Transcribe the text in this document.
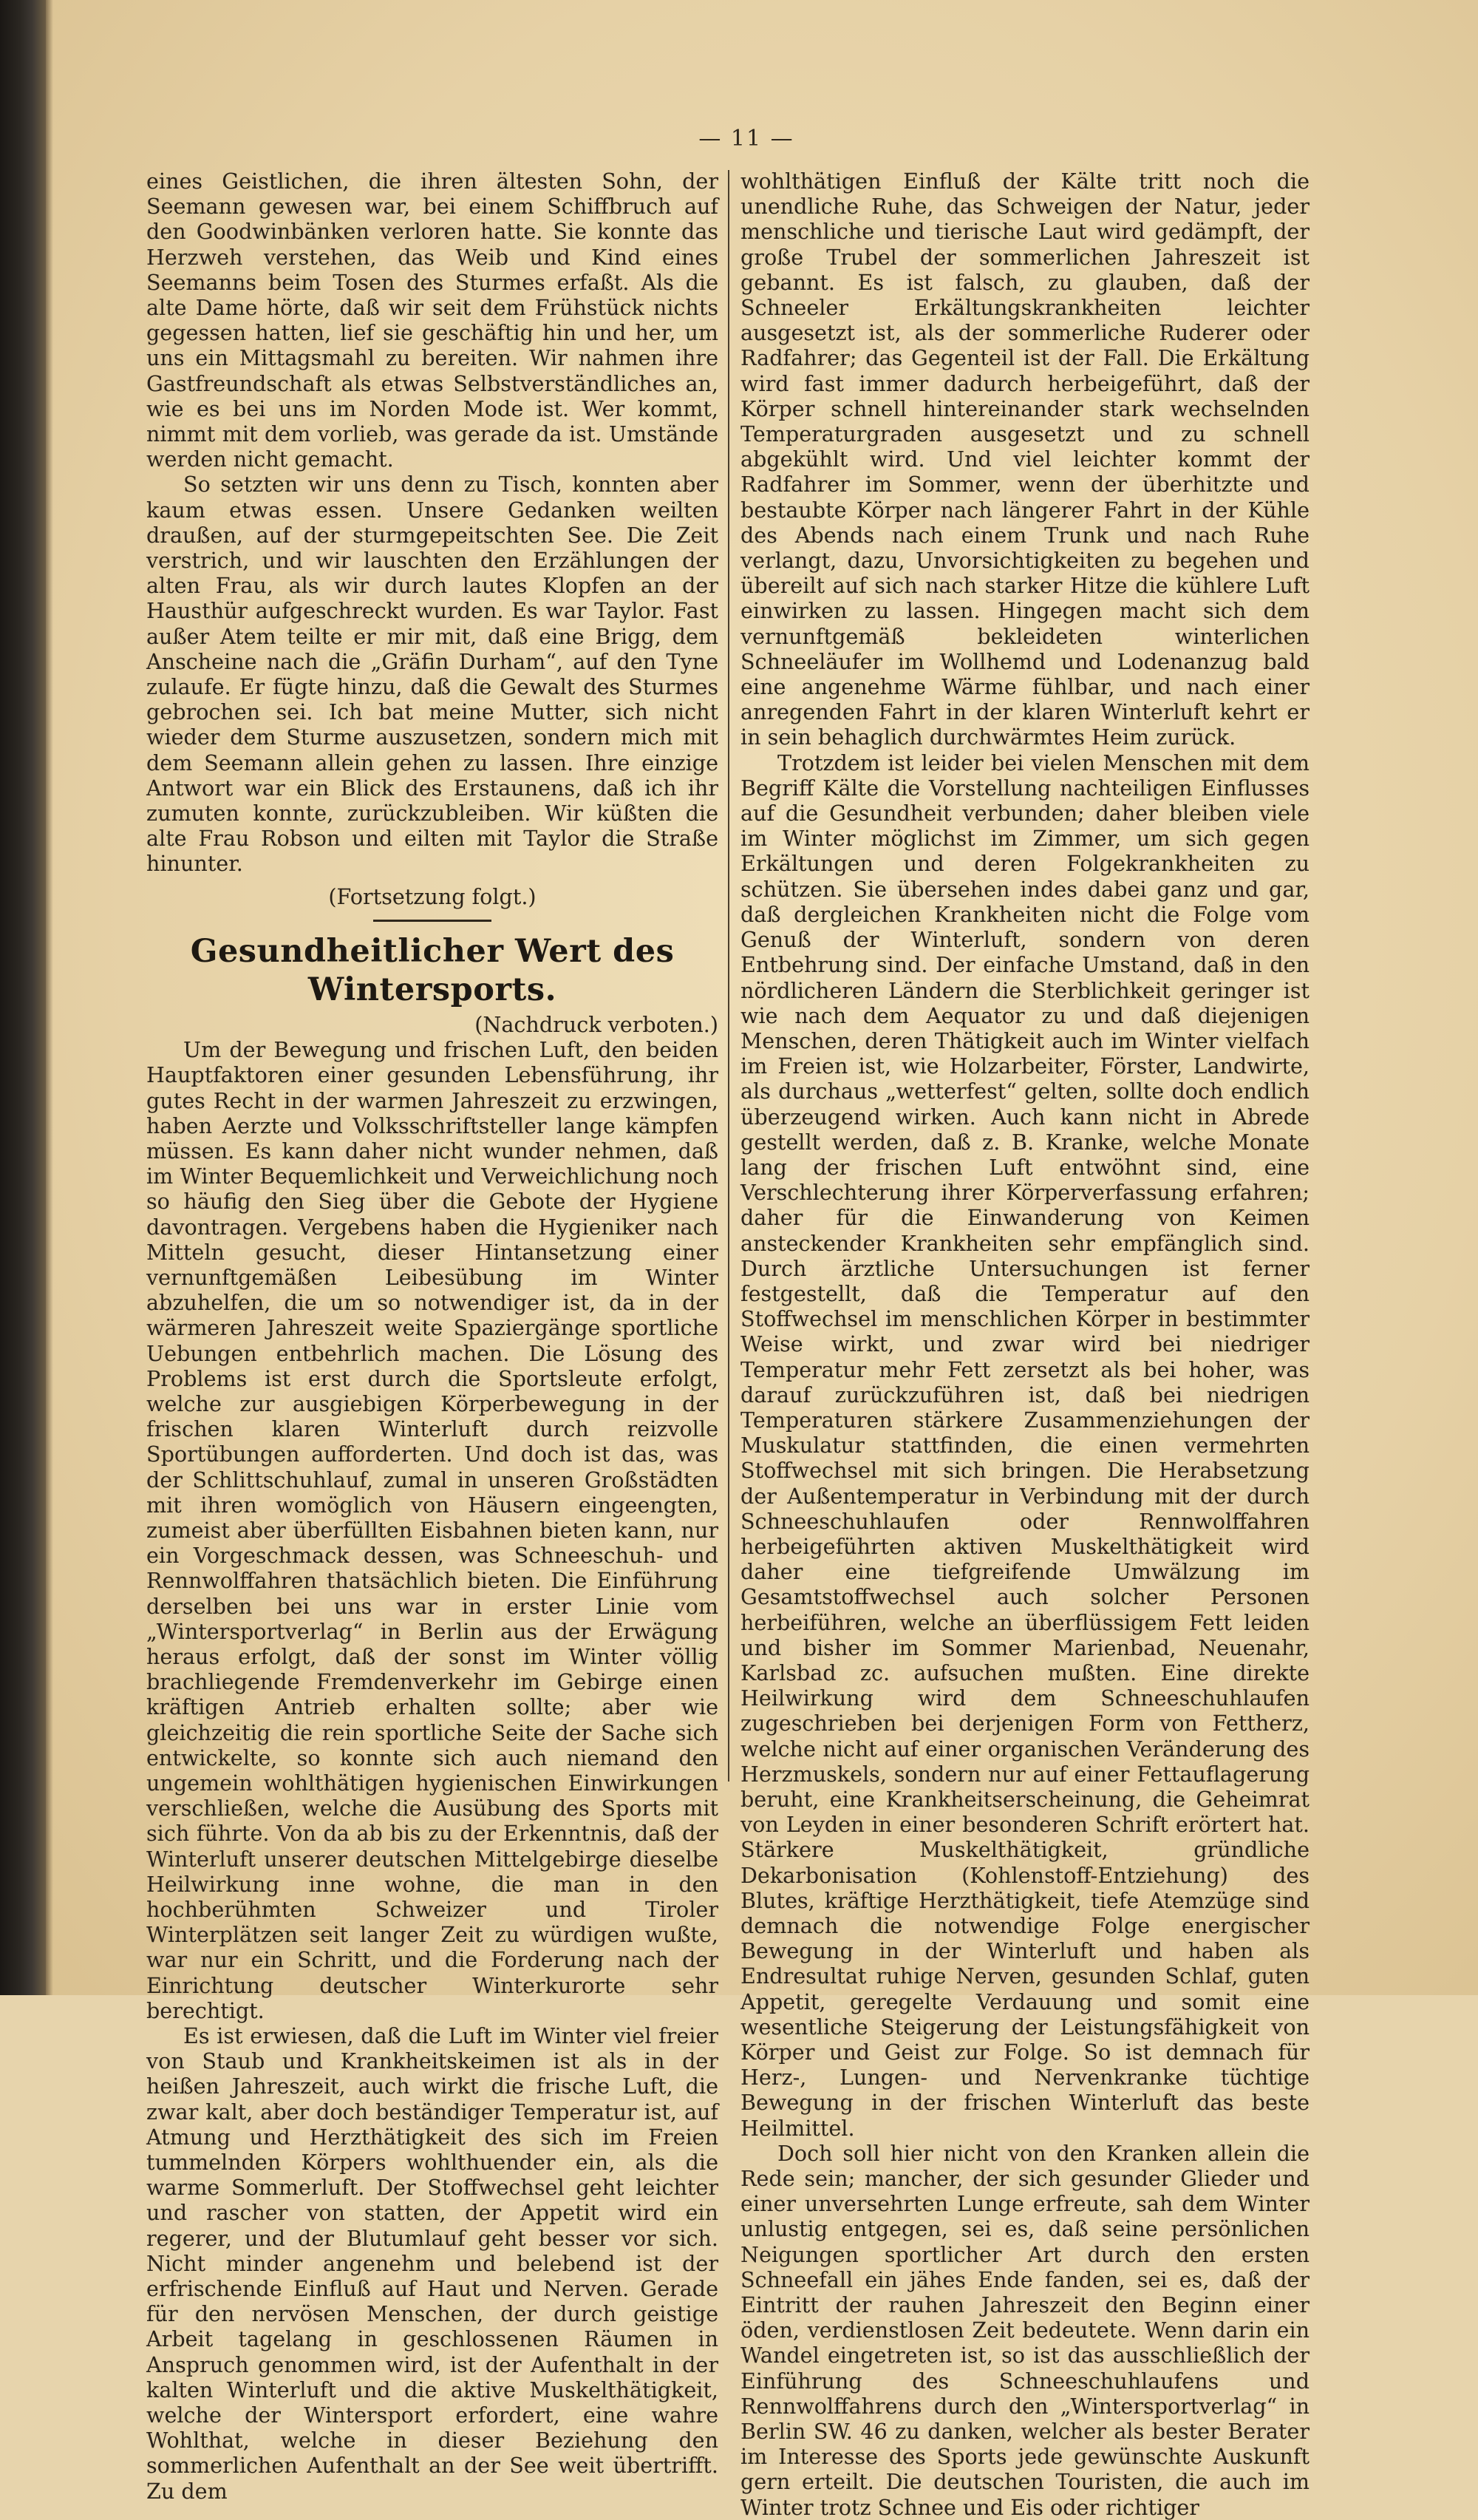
— 11 —

eines Geistlichen, die ihren ältesten Sohn, der Seemann gewesen war, bei einem Schiffbruch auf den Goodwinbänken verloren hatte. Sie konnte das Herzweh verstehen, das Weib und Kind eines Seemanns beim Tosen des Sturmes erfaßt. Als die alte Dame hörte, daß wir seit dem Frühstück nichts gegessen hatten, lief sie geschäftig hin und her, um uns ein Mittagsmahl zu bereiten. Wir nahmen ihre Gastfreundschaft als etwas Selbstverständliches an, wie es bei uns im Norden Mode ist. Wer kommt, nimmt mit dem vorlieb, was gerade da ist. Umstände werden nicht gemacht.

So setzten wir uns denn zu Tisch, konnten aber kaum etwas essen. Unsere Gedanken weilten draußen, auf der sturmgepeitschten See. Die Zeit verstrich, und wir lauschten den Erzählungen der alten Frau, als wir durch lautes Klopfen an der Hausthür aufgeschreckt wurden. Es war Taylor. Fast außer Atem teilte er mir mit, daß eine Brigg, dem Anscheine nach die „Gräfin Durham“, auf den Tyne zulaufe. Er fügte hinzu, daß die Gewalt des Sturmes gebrochen sei. Ich bat meine Mutter, sich nicht wieder dem Sturme auszusetzen, sondern mich mit dem Seemann allein gehen zu lassen. Ihre einzige Antwort war ein Blick des Erstaunens, daß ich ihr zumuten konnte, zurückzubleiben. Wir küßten die alte Frau Robson und eilten mit Taylor die Straße hinunter.

(Fortsetzung folgt.)

Gesundheitlicher Wert des Wintersports.

(Nachdruck verboten.)

Um der Bewegung und frischen Luft, den beiden Hauptfaktoren einer gesunden Lebensführung, ihr gutes Recht in der warmen Jahreszeit zu erzwingen, haben Aerzte und Volksschriftsteller lange kämpfen müssen. Es kann daher nicht wunder nehmen, daß im Winter Bequemlichkeit und Verweichlichung noch so häufig den Sieg über die Gebote der Hygiene davontragen. Vergebens haben die Hygieniker nach Mitteln gesucht, dieser Hintansetzung einer vernunftgemäßen Leibesübung im Winter abzuhelfen, die um so notwendiger ist, da in der wärmeren Jahreszeit weite Spaziergänge sportliche Uebungen entbehrlich machen. Die Lösung des Problems ist erst durch die Sportsleute erfolgt, welche zur ausgiebigen Körperbewegung in der frischen klaren Winterluft durch reizvolle Sportübungen aufforderten. Und doch ist das, was der Schlittschuhlauf, zumal in unseren Großstädten mit ihren womöglich von Häusern eingeengten, zumeist aber überfüllten Eisbahnen bieten kann, nur ein Vorgeschmack dessen, was Schneeschuh- und Rennwolffahren thatsächlich bieten. Die Einführung derselben bei uns war in erster Linie vom „Wintersportverlag“ in Berlin aus der Erwägung heraus erfolgt, daß der sonst im Winter völlig brachliegende Fremdenverkehr im Gebirge einen kräftigen Antrieb erhalten sollte; aber wie gleichzeitig die rein sportliche Seite der Sache sich entwickelte, so konnte sich auch niemand den ungemein wohlthätigen hygienischen Einwirkungen verschließen, welche die Ausübung des Sports mit sich führte. Von da ab bis zu der Erkenntnis, daß der Winterluft unserer deutschen Mittelgebirge dieselbe Heilwirkung inne wohne, die man in den hochberühmten Schweizer und Tiroler Winterplätzen seit langer Zeit zu würdigen wußte, war nur ein Schritt, und die Forderung nach der Einrichtung deutscher Winterkurorte sehr berechtigt.

Es ist erwiesen, daß die Luft im Winter viel freier von Staub und Krankheitskeimen ist als in der heißen Jahreszeit, auch wirkt die frische Luft, die zwar kalt, aber doch beständiger Temperatur ist, auf Atmung und Herzthätigkeit des sich im Freien tummelnden Körpers wohlthuender ein, als die warme Sommerluft. Der Stoffwechsel geht leichter und rascher von statten, der Appetit wird ein regerer, und der Blutumlauf geht besser vor sich. Nicht minder angenehm und belebend ist der erfrischende Einfluß auf Haut und Nerven. Gerade für den nervösen Menschen, der durch geistige Arbeit tagelang in geschlossenen Räumen in Anspruch genommen wird, ist der Aufenthalt in der kalten Winterluft und die aktive Muskelthätigkeit, welche der Wintersport erfordert, eine wahre Wohlthat, welche in dieser Beziehung den sommerlichen Aufenthalt an der See weit übertrifft. Zu dem

wohlthätigen Einfluß der Kälte tritt noch die unendliche Ruhe, das Schweigen der Natur, jeder menschliche und tierische Laut wird gedämpft, der große Trubel der sommerlichen Jahreszeit ist gebannt. Es ist falsch, zu glauben, daß der Schneeler Erkältungskrankheiten leichter ausgesetzt ist, als der sommerliche Ruderer oder Radfahrer; das Gegenteil ist der Fall. Die Erkältung wird fast immer dadurch herbeigeführt, daß der Körper schnell hintereinander stark wechselnden Temperaturgraden ausgesetzt und zu schnell abgekühlt wird. Und viel leichter kommt der Radfahrer im Sommer, wenn der überhitzte und bestaubte Körper nach längerer Fahrt in der Kühle des Abends nach einem Trunk und nach Ruhe verlangt, dazu, Unvorsichtigkeiten zu begehen und übereilt auf sich nach starker Hitze die kühlere Luft einwirken zu lassen. Hingegen macht sich dem vernunftgemäß bekleideten winterlichen Schneeläufer im Wollhemd und Lodenanzug bald eine angenehme Wärme fühlbar, und nach einer anregenden Fahrt in der klaren Winterluft kehrt er in sein behaglich durchwärmtes Heim zurück.

Trotzdem ist leider bei vielen Menschen mit dem Begriff Kälte die Vorstellung nachteiligen Einflusses auf die Gesundheit verbunden; daher bleiben viele im Winter möglichst im Zimmer, um sich gegen Erkältungen und deren Folgekrankheiten zu schützen. Sie übersehen indes dabei ganz und gar, daß dergleichen Krankheiten nicht die Folge vom Genuß der Winterluft, sondern von deren Entbehrung sind. Der einfache Umstand, daß in den nördlicheren Ländern die Sterblichkeit geringer ist wie nach dem Aequator zu und daß diejenigen Menschen, deren Thätigkeit auch im Winter vielfach im Freien ist, wie Holzarbeiter, Förster, Landwirte, als durchaus „wetterfest“ gelten, sollte doch endlich überzeugend wirken. Auch kann nicht in Abrede gestellt werden, daß z. B. Kranke, welche Monate lang der frischen Luft entwöhnt sind, eine Verschlechterung ihrer Körperverfassung erfahren; daher für die Einwanderung von Keimen ansteckender Krankheiten sehr empfänglich sind. Durch ärztliche Untersuchungen ist ferner festgestellt, daß die Temperatur auf den Stoffwechsel im menschlichen Körper in bestimmter Weise wirkt, und zwar wird bei niedriger Temperatur mehr Fett zersetzt als bei hoher, was darauf zurückzuführen ist, daß bei niedrigen Temperaturen stärkere Zusammenziehungen der Muskulatur stattfinden, die einen vermehrten Stoffwechsel mit sich bringen. Die Herabsetzung der Außentemperatur in Verbindung mit der durch Schneeschuhlaufen oder Rennwolffahren herbeigeführten aktiven Muskelthätigkeit wird daher eine tiefgreifende Umwälzung im Gesamtstoffwechsel auch solcher Personen herbeiführen, welche an überflüssigem Fett leiden und bisher im Sommer Marienbad, Neuenahr, Karlsbad zc. aufsuchen mußten. Eine direkte Heilwirkung wird dem Schneeschuhlaufen zugeschrieben bei derjenigen Form von Fettherz, welche nicht auf einer organischen Veränderung des Herzmuskels, sondern nur auf einer Fettauflagerung beruht, eine Krankheitserscheinung, die Geheimrat von Leyden in einer besonderen Schrift erörtert hat. Stärkere Muskelthätigkeit, gründliche Dekarbonisation (Kohlenstoff-Entziehung) des Blutes, kräftige Herzthätigkeit, tiefe Atemzüge sind demnach die notwendige Folge energischer Bewegung in der Winterluft und haben als Endresultat ruhige Nerven, gesunden Schlaf, guten Appetit, geregelte Verdauung und somit eine wesentliche Steigerung der Leistungsfähigkeit von Körper und Geist zur Folge. So ist demnach für Herz-, Lungen- und Nervenkranke tüchtige Bewegung in der frischen Winterluft das beste Heilmittel.

Doch soll hier nicht von den Kranken allein die Rede sein; mancher, der sich gesunder Glieder und einer unversehrten Lunge erfreute, sah dem Winter unlustig entgegen, sei es, daß seine persönlichen Neigungen sportlicher Art durch den ersten Schneefall ein jähes Ende fanden, sei es, daß der Eintritt der rauhen Jahreszeit den Beginn einer öden, verdienstlosen Zeit bedeutete. Wenn darin ein Wandel eingetreten ist, so ist das ausschließlich der Einführung des Schneeschuhlaufens und Rennwolffahrens durch den „Wintersportverlag“ in Berlin SW. 46 zu danken, welcher als bester Berater im Interesse des Sports jede gewünschte Auskunft gern erteilt. Die deutschen Touristen, die auch im Winter trotz Schnee und Eis oder richtiger
